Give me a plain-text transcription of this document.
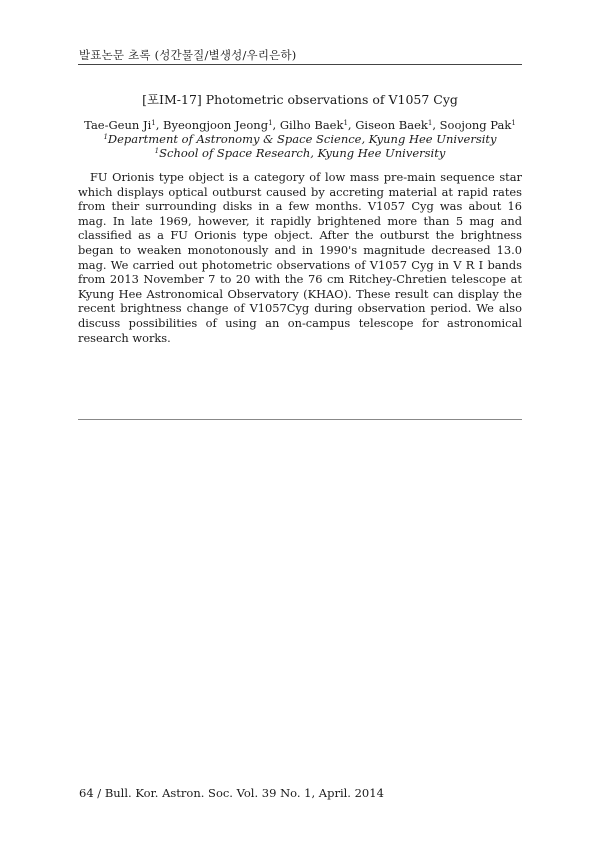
발표논문 초록 (성간물질/별생성/우리은하)
[포IM-17] Photometric observations of V1057 Cyg
Tae-Geun Ji$^1$, Byeongjoon Jeong$^1$, Gilho Baek$^1$, Giseon Baek$^1$, Soojong Pak$^1$
$^1$Department of Astronomy & Space Science, Kyung Hee University
$^1$School of Space Research, Kyung Hee University

FU Orionis type object is a category of low mass pre-main sequence star which displays optical outburst caused by accreting material at rapid rates from their surrounding disks in a few months. V1057 Cyg was about 16 mag. In late 1969, however, it rapidly brightened more than 5 mag and classified as a FU Orionis type object. After the outburst the brightness began to weaken monotonously and in 1990's magnitude decreased 13.0 mag. We carried out photometric observations of V1057 Cyg in V R I bands from 2013 November 7 to 20 with the 76 cm Ritchey-Chretien telescope at Kyung Hee Astronomical Observatory (KHAO). These result can display the recent brightness change of V1057Cyg during observation period. We also discuss possibilities of using an on-campus telescope for astronomical research works.

64 / Bull. Kor. Astron. Soc. Vol. 39 No. 1, April. 2014
